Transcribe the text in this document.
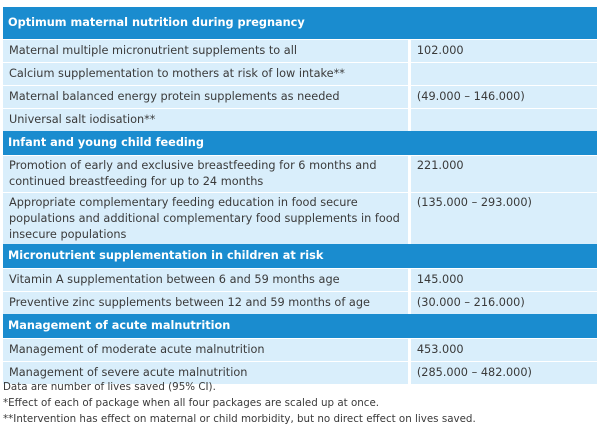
Optimum maternal nutrition during pregnancy	
Maternal multiple micronutrient supplements to all	102.000
Calcium supplementation to mothers at risk of low intake**	
Maternal balanced energy protein supplements as needed	(49.000 – 146.000)
Universal salt iodisation**	
Infant and young child feeding	
Promotion of early and exclusive breastfeeding for 6 months and continued breastfeeding for up to 24 months	221.000
Appropriate complementary feeding education in food secure populations and additional complementary food supplements in food insecure populations	(135.000 – 293.000)
Micronutrient supplementation in children at risk	
Vitamin A supplementation between 6 and 59 months age	145.000
Preventive zinc supplements between 12 and 59 months of age	(30.000 – 216.000)
Management of acute malnutrition	
Management of moderate acute malnutrition	453.000
Management of severe acute malnutrition	(285.000 – 482.000)
Data are number of lives saved (95% CI).
*Effect of each of package when all four packages are scaled up at once.
**Intervention has effect on maternal or child morbidity, but no direct effect on lives saved.
